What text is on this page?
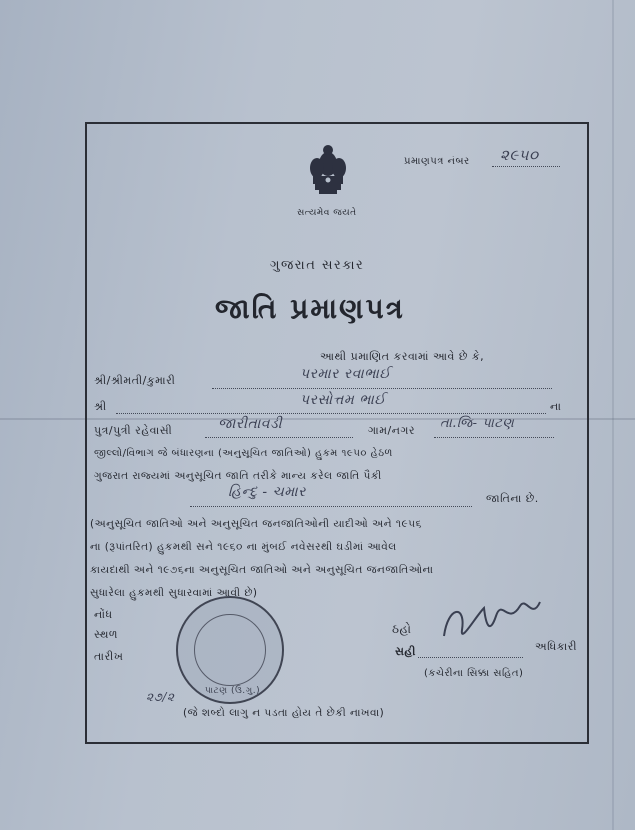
સત્યમેવ જયતે
પ્રમાણપત્ર નંબર ૨૯૫૦
ગુજરાત સરકાર
જાતિ પ્રમાણપત્ર
આથી પ્રમાણિત કરવામાં આવે છે કે,
શ્રી/શ્રીમતી/કુમારી	પરમાર રવાભાઈ
શ્રી	પરસોત્તમ ભાઈ	ના
પુત્ર/પુત્રી રહેવાસી	જારીતાવડી	ગામ/નગર તા.જિ- પાટણ
જીલ્લો/વિભાગ જે બંધારણના (અનુસૂચિત જાતિઓ) હુકમ ૧૯૫૦ હેઠળ
ગુજરાત રાજ્યમાં અનુસૂચિત જાતિ તરીકે માન્ય કરેલ જાતિ પૈકી
હિન્દુ - ચમાર	જાતિના છે.
(અનુસૂચિત જાતિઓ અને અનુસૂચિત જનજાતિઓની યાદીઓ અને ૧૯૫૬
ના (રૂપાંતરિત) હુકમથી સને ૧૯૬૦ ના મુંબઈ નવેસરથી ઘડીમાં આવેલ
કાયદાથી અને ૧૯૭૬ના અનુસૂચિત જાતિઓ અને અનુસૂચિત જનજાતિઓના
સુધારેલા હુકમથી સુધારવામાં આવી છે)
નોંધ
સ્થળ
તારીખ
૨૭/૨	પાટણ (ઉ.ગુ.)
ઠહો
સહી	અધિકારી
(કચેરીના સિક્કા સહિત)
(જે શબ્દો લાગુ ન પડતા હોય તે છેકી નાખવા)
